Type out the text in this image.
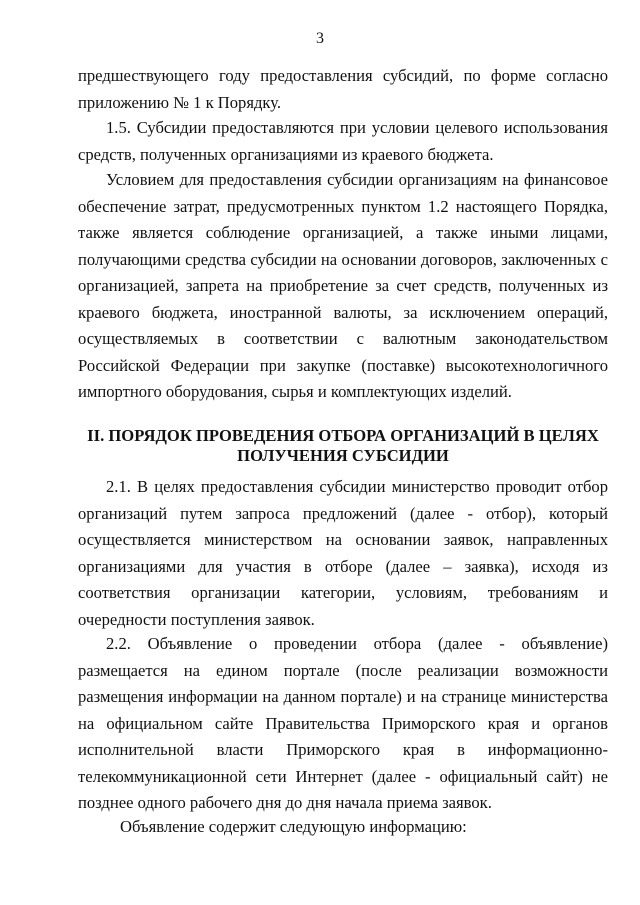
3

предшествующего году предоставления субсидий, по форме согласно приложению № 1 к Порядку.

1.5. Субсидии предоставляются при условии целевого использования средств, полученных организациями из краевого бюджета.

Условием для предоставления субсидии организациям на финансовое обеспечение затрат, предусмотренных пунктом 1.2 настоящего Порядка, также является соблюдение организацией, а также иными лицами, получающими средства субсидии на основании договоров, заключенных с организацией, запрета на приобретение за счет средств, полученных из краевого бюджета, иностранной валюты, за исключением операций, осуществляемых в соответствии с валютным законодательством Российской Федерации при закупке (поставке) высокотехнологичного импортного оборудования, сырья и комплектующих изделий.

II. ПОРЯДОК ПРОВЕДЕНИЯ ОТБОРА ОРГАНИЗАЦИЙ В ЦЕЛЯХ
ПОЛУЧЕНИЯ СУБСИДИИ

2.1. В целях предоставления субсидии министерство проводит отбор организаций путем запроса предложений (далее - отбор), который осуществляется министерством на основании заявок, направленных организациями для участия в отборе (далее – заявка), исходя из соответствия организации категории, условиям, требованиям и очередности поступления заявок.

2.2. Объявление о проведении отбора (далее - объявление) размещается на едином портале (после реализации возможности размещения информации на данном портале) и на странице министерства на официальном сайте Правительства Приморского края и органов исполнительной власти Приморского края в информационно-телекоммуникационной сети Интернет (далее - официальный сайт) не позднее одного рабочего дня до дня начала приема заявок.

Объявление содержит следующую информацию:
